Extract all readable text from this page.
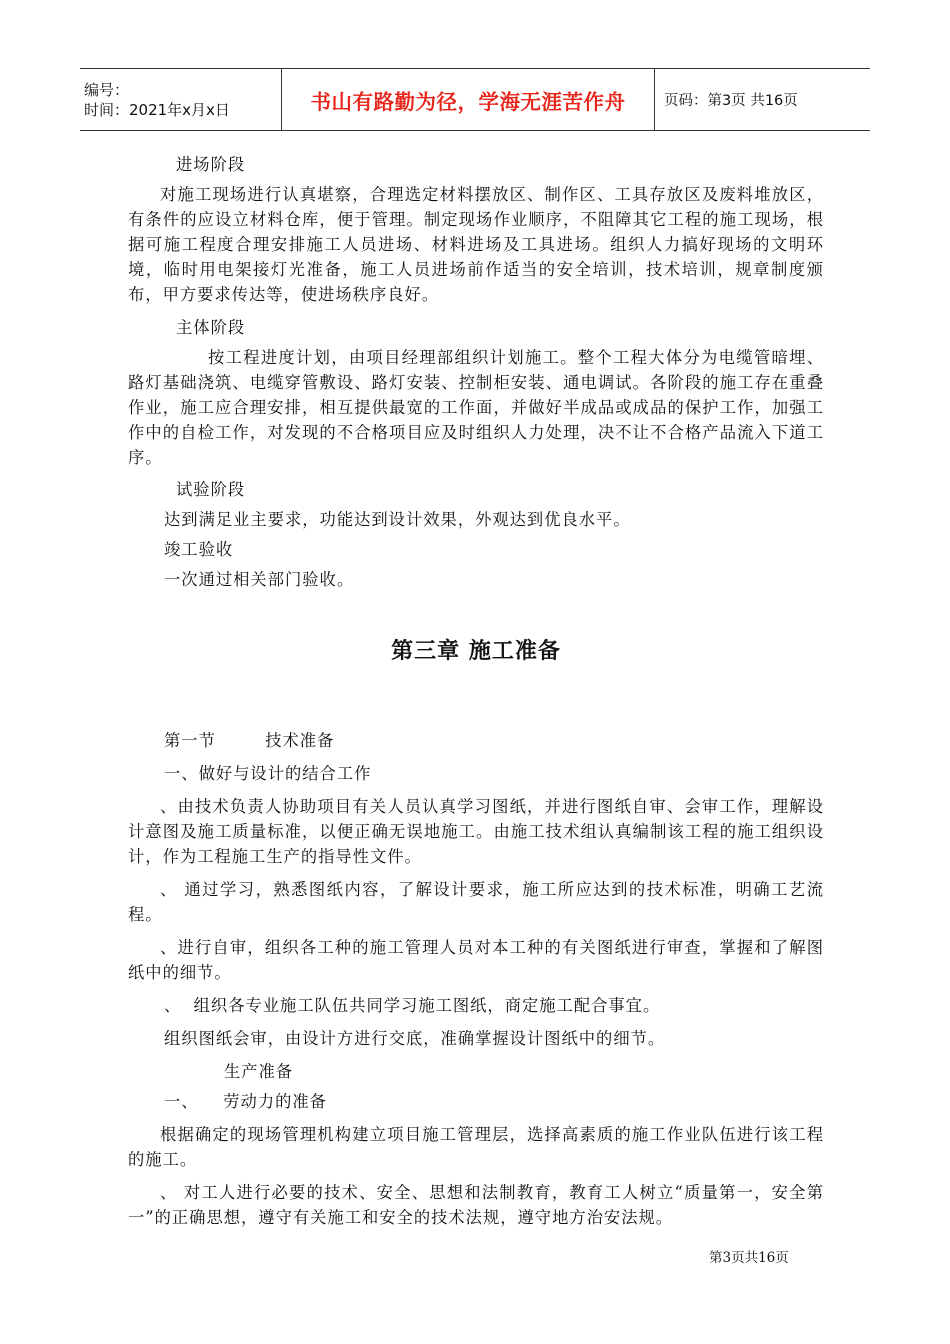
编号：
时间：2021年x月x日	书山有路勤为径，学海无涯苦作舟	页码：第3页 共16页

进场阶段

对施工现场进行认真堪察，合理选定材料摆放区、制作区、工具存放区及废料堆放区，有条件的应设立材料仓库，便于管理。制定现场作业顺序，不阻障其它工程的施工现场，根据可施工程度合理安排施工人员进场、材料进场及工具进场。组织人力搞好现场的文明环境，临时用电架接灯光准备，施工人员进场前作适当的安全培训，技术培训，规章制度颁布，甲方要求传达等，使进场秩序良好。

主体阶段

按工程进度计划，由项目经理部组织计划施工。整个工程大体分为电缆管暗埋、路灯基础浇筑、电缆穿管敷设、路灯安装、控制柜安装、通电调试。各阶段的施工存在重叠作业，施工应合理安排，相互提供最宽的工作面，并做好半成品或成品的保护工作，加强工作中的自检工作，对发现的不合格项目应及时组织人力处理，决不让不合格产品流入下道工序。

试验阶段

达到满足业主要求，功能达到设计效果，外观达到优良水平。

竣工验收

一次通过相关部门验收。

第三章 施工准备

第一节        技术准备

一、做好与设计的结合工作

、由技术负责人协助项目有关人员认真学习图纸，并进行图纸自审、会审工作，理解设计意图及施工质量标准，以便正确无误地施工。由施工技术组认真编制该工程的施工组织设计，作为工程施工生产的指导性文件。

、 通过学习，熟悉图纸内容，了解设计要求，施工所应达到的技术标准，明确工艺流程。

、进行自审，组织各工种的施工管理人员对本工种的有关图纸进行审查，掌握和了解图纸中的细节。

、  组织各专业施工队伍共同学习施工图纸，商定施工配合事宜。

组织图纸会审，由设计方进行交底，准确掌握设计图纸中的细节。

生产准备

一、    劳动力的准备

根据确定的现场管理机构建立项目施工管理层，选择高素质的施工作业队伍进行该工程的施工。

、 对工人进行必要的技术、安全、思想和法制教育，教育工人树立“质量第一，安全第一”的正确思想，遵守有关施工和安全的技术法规，遵守地方治安法规。

第3页共16页
